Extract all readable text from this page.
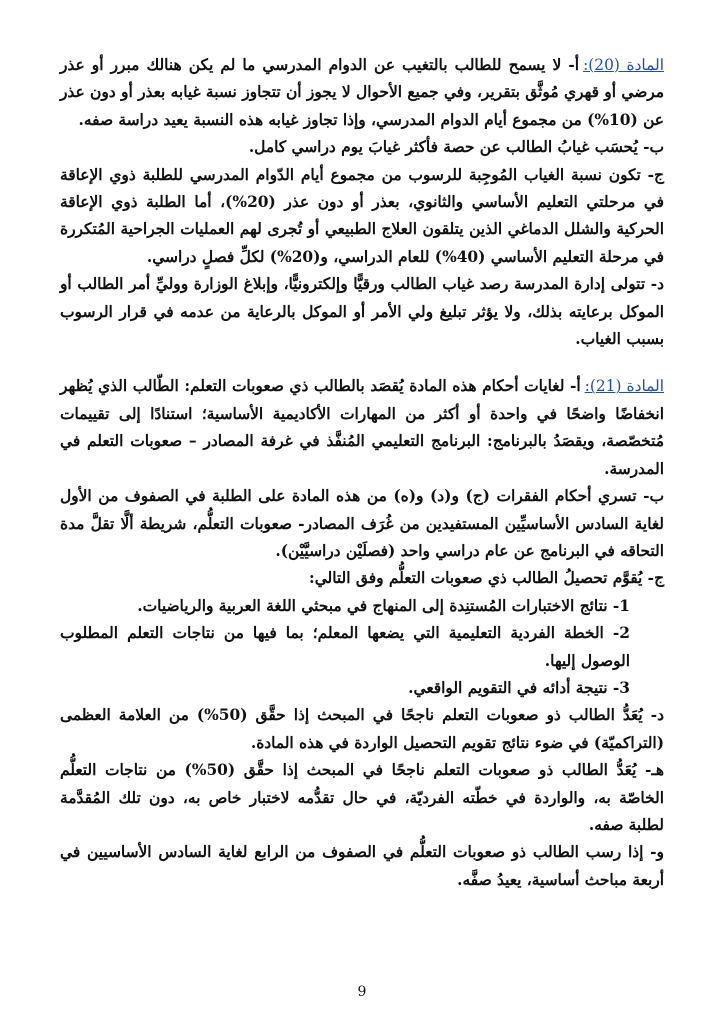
المادة (20):أ- لا يسمح للطالب بالتغيب عن الدوام المدرسي ما لم يكن هنالك مبرر أو عذر مرضي أو قهري مُوثَّق بتقرير، وفي جميع الأحوال لا يجوز أن تتجاوز نسبة غيابه بعذر أو دون عذر عن (10%) من مجموع أيام الدوام المدرسي، وإذا تجاوز غيابه هذه النسبة يعيد دراسة صفه.

ب- يُحسَب غيابُ الطالب عن حصة فأكثر غيابَ يوم دراسي كامل.

ج- تكون نسبة الغياب المُوجِبة للرسوب من مجموع أيام الدّوام المدرسي للطلبة ذوي الإعاقة في مرحلتي التعليم الأساسي والثانوي، بعذر أو دون عذر (20%)، أما الطلبة ذوي الإعاقة الحركية والشلل الدماغي الذين يتلقون العلاج الطبيعي أو تُجرى لهم العمليات الجراحية المُتكررة في مرحلة التعليم الأساسي (40%) للعام الدراسي، و(20%) لكلِّ فصلٍ دراسي.

د- تتولى إدارة المدرسة رصد غياب الطالب ورقيًّا وإلكترونيًّا، وإبلاغ الوزارة ووليِّ أمر الطالب أو الموكل برعايته بذلك، ولا يؤثر تبليغ ولي الأمر أو الموكل بالرعاية من عدمه في قرار الرسوب بسبب الغياب.

المادة (21):أ- لغايات أحكام هذه المادة يُقصَد بالطالب ذي صعوبات التعلم: الطّالب الذي يُظهر انخفاضًا واضحًا في واحدة أو أكثر من المهارات الأكاديمية الأساسية؛ استنادًا إلى تقييمات مُتخصّصة، ويقصَدُ بالبرنامج: البرنامج التعليمي المُنفَّذ في غرفة المصادر – صعوبات التعلم في المدرسة.

ب- تسري أحكام الفقرات (ج) و(د) و(ه) من هذه المادة على الطلبة في الصفوف من الأول لغاية السادس الأساسيِّين المستفيدين من غُرَف المصادر- صعوبات التعلُّم، شريطة ألَّا تقلَّ مدة التحاقه في البرنامج عن عام دراسي واحد (فصلَيْن دراسيَّيْن).

ج- يُقوَّم تحصيلُ الطالب ذي صعوبات التعلُّم وفق التالي:

1- نتائج الاختبارات المُستنِدة إلى المنهاج في مبحثي اللغة العربية والرياضيات.

2- الخطة الفردية التعليمية التي يضعها المعلم؛ بما فيها من نتاجات التعلم المطلوب الوصول إليها.

3- نتيجة أدائه في التقويم الواقعي.

د- يُعَدُّ الطالب ذو صعوبات التعلم ناجحًا في المبحث إذا حقَّق (50%) من العلامة العظمى (التراكميّة) في ضوء نتائج تقويم التحصيل الواردة في هذه المادة.

هـ- يُعَدُّ الطالب ذو صعوبات التعلم ناجحًا في المبحث إذا حقَّق (50%) من نتاجات التعلُّم الخاصّة به، والواردة في خطّته الفرديّة، في حال تقدُّمه لاختبار خاص به، دون تلك المُقدَّمة لطلبة صفه.

و- إذا رسب الطالب ذو صعوبات التعلُّم في الصفوف من الرابع لغاية السادس الأساسيين في أربعة مباحث أساسية، يعيدُ صفَّه.

9
